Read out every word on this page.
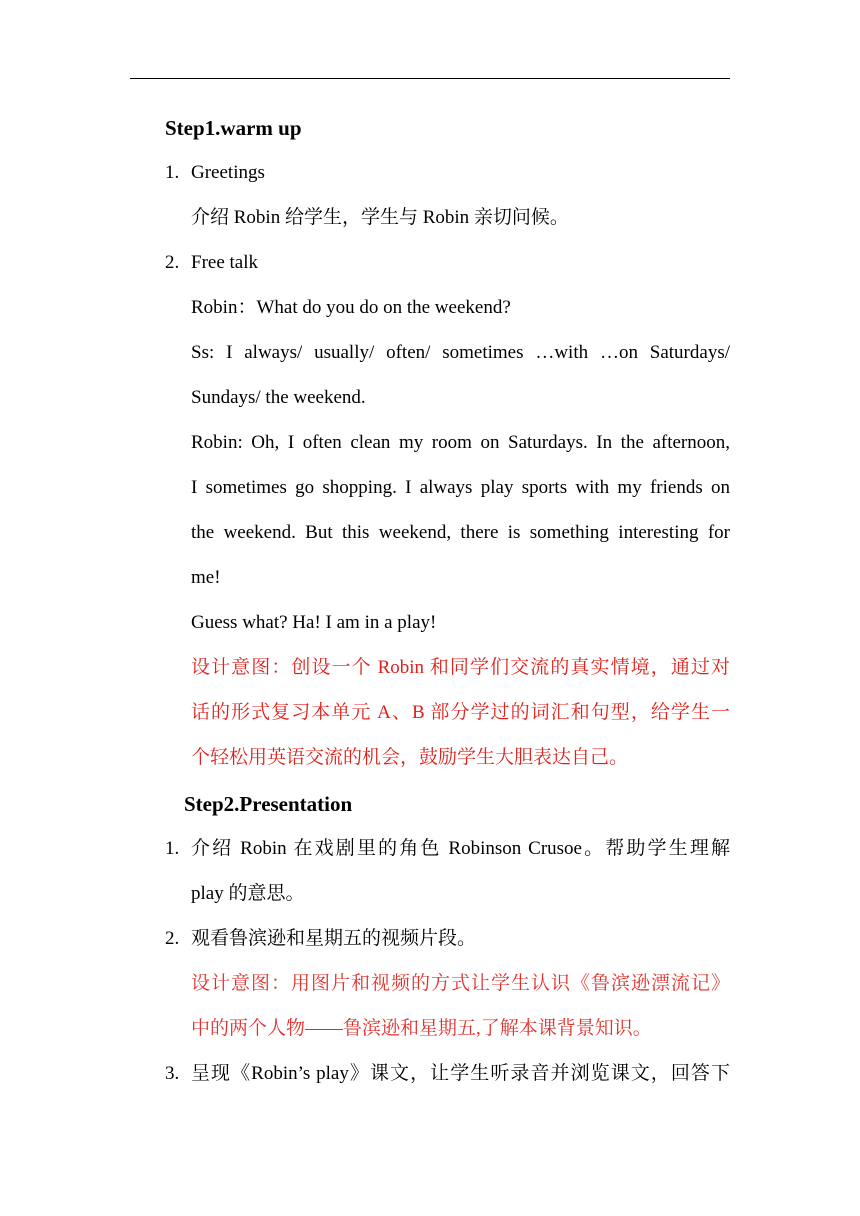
Step1.warm up
1. Greetings
介绍 Robin 给学生，学生与 Robin 亲切问候。
2. Free talk
Robin：What do you do on the weekend?
Ss: I always/ usually/ often/ sometimes …with …on Saturdays/
Sundays/ the weekend.
Robin: Oh, I often clean my room on Saturdays. In the afternoon,
I sometimes go shopping. I always play sports with my friends on
the weekend. But this weekend, there is something interesting for
me!
Guess what? Ha! I am in a play!
设计意图：创设一个 Robin 和同学们交流的真实情境，通过对
话的形式复习本单元 A、B 部分学过的词汇和句型，给学生一
个轻松用英语交流的机会，鼓励学生大胆表达自己。
Step2.Presentation
1. 介绍 Robin 在戏剧里的角色 Robinson Crusoe。帮助学生理解
play 的意思。
2. 观看鲁滨逊和星期五的视频片段。
设计意图：用图片和视频的方式让学生认识《鲁滨逊漂流记》
中的两个人物——鲁滨逊和星期五,了解本课背景知识。
3. 呈现《Robin’s play》课文，让学生听录音并浏览课文，回答下
